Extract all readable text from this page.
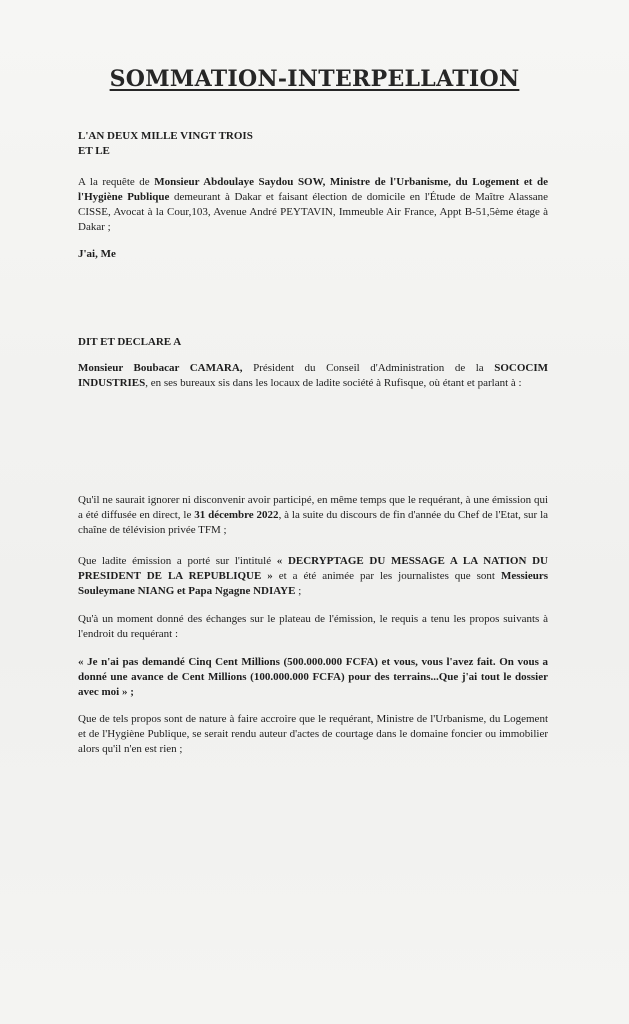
SOMMATION-INTERPELLATION
L'AN DEUX MILLE VINGT TROIS
ET LE
A la requête de Monsieur Abdoulaye Saydou SOW, Ministre de l'Urbanisme, du Logement et de l'Hygiène Publique demeurant à Dakar et faisant élection de domicile en l'Étude de Maître Alassane CISSE, Avocat à la Cour,103, Avenue André PEYTAVIN, Immeuble Air France, Appt B-51,5ème étage à Dakar ;
J'ai, Me
DIT ET DECLARE A
Monsieur Boubacar CAMARA, Président du Conseil d'Administration de la SOCOCIM INDUSTRIES, en ses bureaux sis dans les locaux de ladite société à Rufisque, où étant et parlant à :
Qu'il ne saurait ignorer ni disconvenir avoir participé, en même temps que le requérant, à une émission qui a été diffusée en direct, le 31 décembre 2022, à la suite du discours de fin d'année du Chef de l'Etat, sur la chaîne de télévision privée TFM ;
Que ladite émission a porté sur l'intitulé « DECRYPTAGE DU MESSAGE A LA NATION DU PRESIDENT DE LA REPUBLIQUE » et a été animée par les journalistes que sont Messieurs Souleymane NIANG et Papa Ngagne NDIAYE ;
Qu'à un moment donné des échanges sur le plateau de l'émission, le requis a tenu les propos suivants à l'endroit du requérant :
« Je n'ai pas demandé Cinq Cent Millions (500.000.000 FCFA) et vous, vous l'avez fait. On vous a donné une avance de Cent Millions (100.000.000 FCFA) pour des terrains...Que j'ai tout le dossier avec moi » ;
Que de tels propos sont de nature à faire accroire que le requérant, Ministre de l'Urbanisme, du Logement et de l'Hygiène Publique, se serait rendu auteur d'actes de courtage dans le domaine foncier ou immobilier alors qu'il n'en est rien ;
